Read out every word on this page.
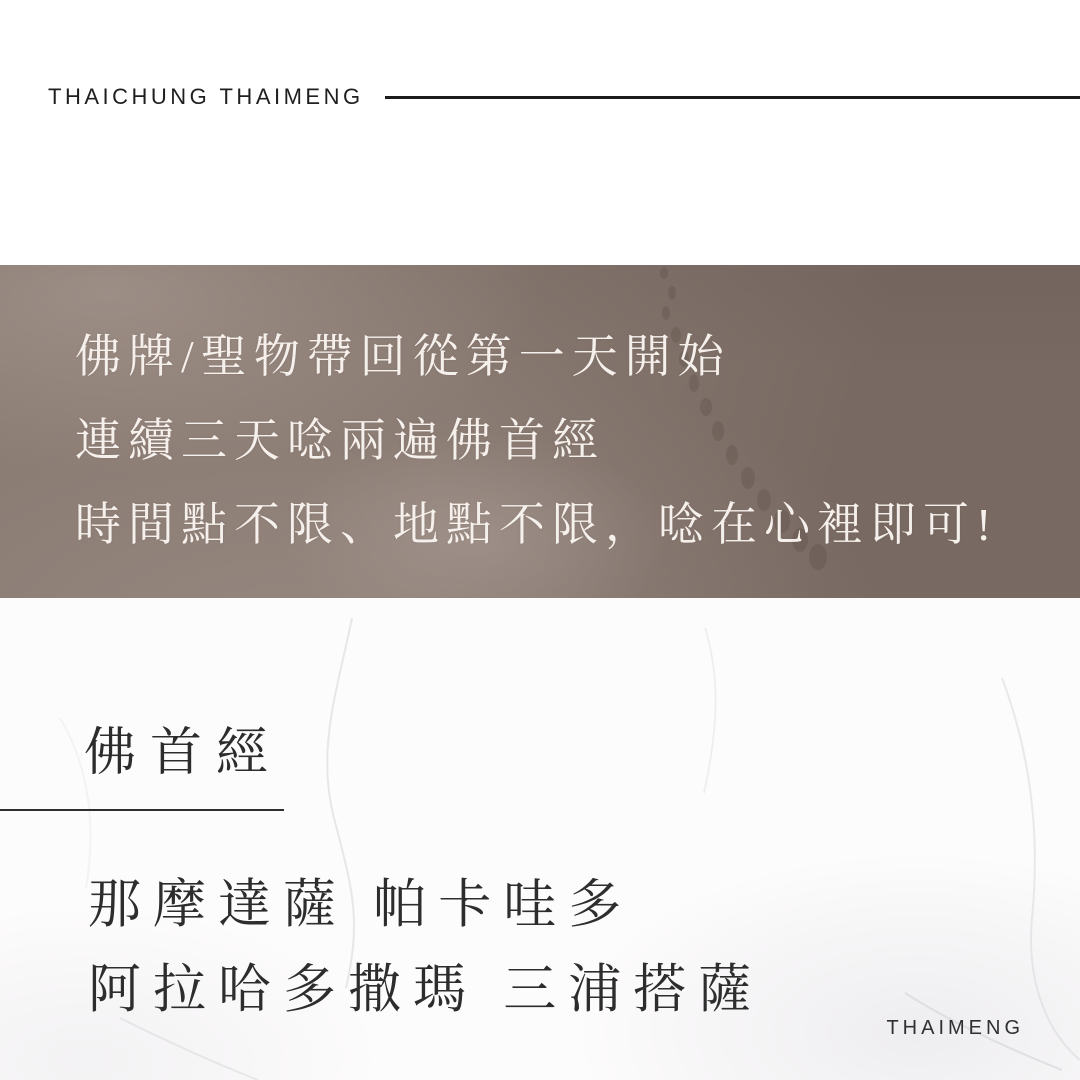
THAICHUNG THAIMENG

佛牌/聖物帶回從第一天開始

連續三天唸兩遍佛首經

時間點不限、地點不限，唸在心裡即可!

佛首經

那摩達薩 帕卡哇多

阿拉哈多撒瑪 三浦搭薩

THAIMENG
